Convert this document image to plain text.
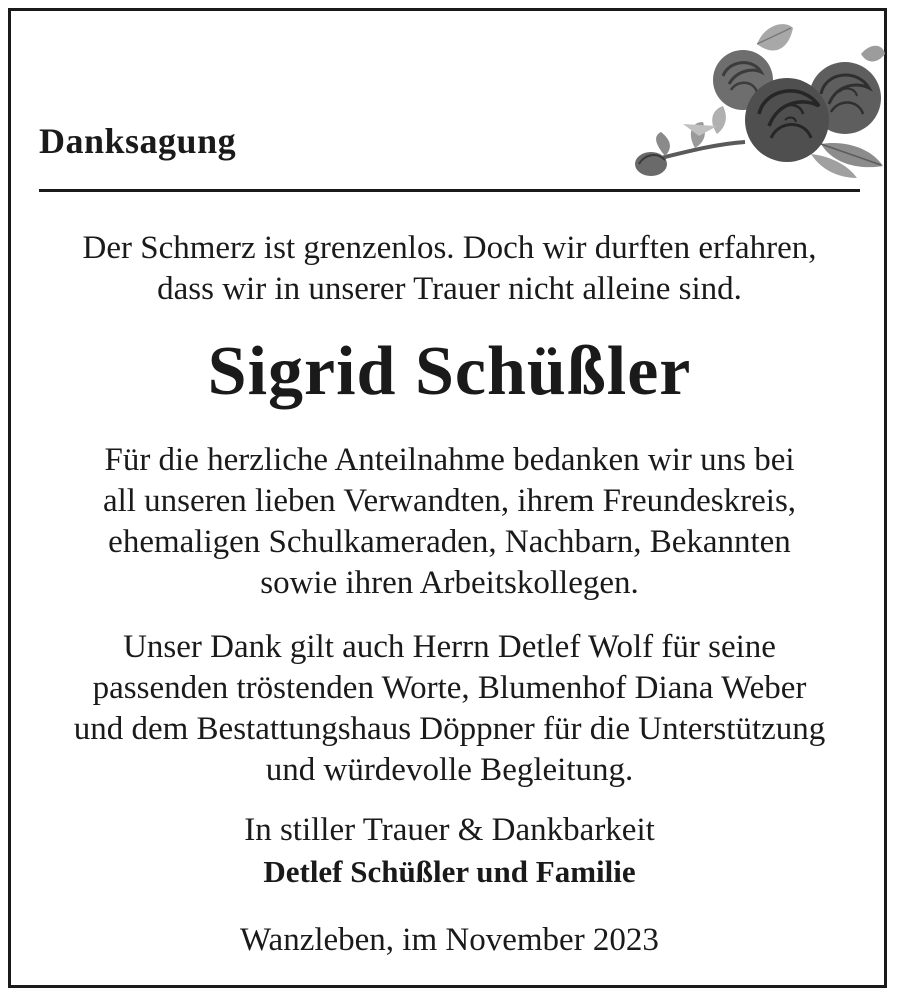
Danksagung
Der Schmerz ist grenzenlos. Doch wir durften erfahren,
dass wir in unserer Trauer nicht alleine sind.
Sigrid Schüßler
Für die herzliche Anteilnahme bedanken wir uns bei
all unseren lieben Verwandten, ihrem Freundeskreis,
ehemaligen Schulkameraden, Nachbarn, Bekannten
sowie ihren Arbeitskollegen.
Unser Dank gilt auch Herrn Detlef Wolf für seine
passenden tröstenden Worte, Blumenhof Diana Weber
und dem Bestattungshaus Döppner für die Unterstützung
und würdevolle Begleitung.
In stiller Trauer & Dankbarkeit
Detlef Schüßler und Familie
Wanzleben, im November 2023
